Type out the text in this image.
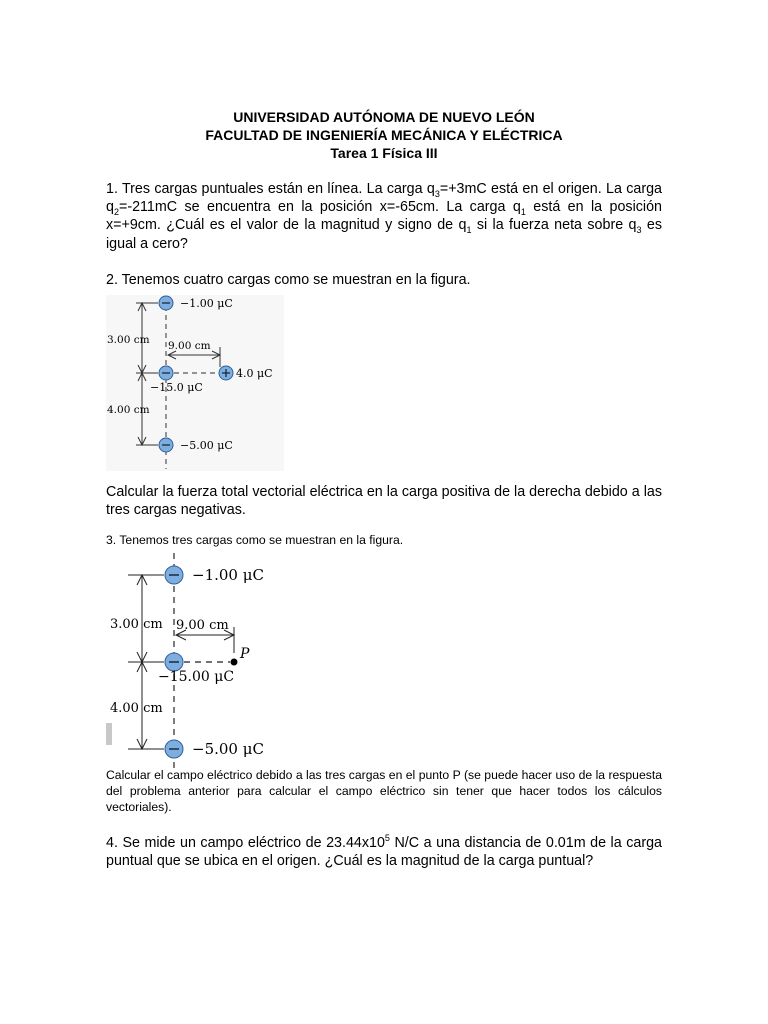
UNIVERSIDAD AUTÓNOMA DE NUEVO LEÓN
FACULTAD DE INGENIERÍA MECÁNICA Y ELÉCTRICA
Tarea 1 Física III

1. Tres cargas puntuales están en línea. La carga $q_3=+3mC$ está en el origen. La carga $q_2=-211mC$ se encuentra en la posición x=-65cm. La carga $q_1$ está en la posición x=+9cm. ¿Cuál es el valor de la magnitud y signo de $q_1$ si la fuerza neta sobre $q_3$ es igual a cero?

2. Tenemos cuatro cargas como se muestran en la figura.

−1.00 μC
4.0 μC
−15.0 μC
−5.00 μC
3.00 cm 9.00 cm
4.00 cm

Calcular la fuerza total vectorial eléctrica en la carga positiva de la derecha debido a las tres cargas negativas.

3. Tenemos tres cargas como se muestran en la figura.

−1.00 μC
P
−15.00 μC
−5.00 μC
3.00 cm 9.00 cm
4.00 cm

Calcular el campo eléctrico debido a las tres cargas en el punto P (se puede hacer uso de la respuesta del problema anterior para calcular el campo eléctrico sin tener que hacer todos los cálculos vectoriales).

4. Se mide un campo eléctrico de $23.44x10^5$ N/C a una distancia de 0.01m de la carga puntual que se ubica en el origen. ¿Cuál es la magnitud de la carga puntual?
